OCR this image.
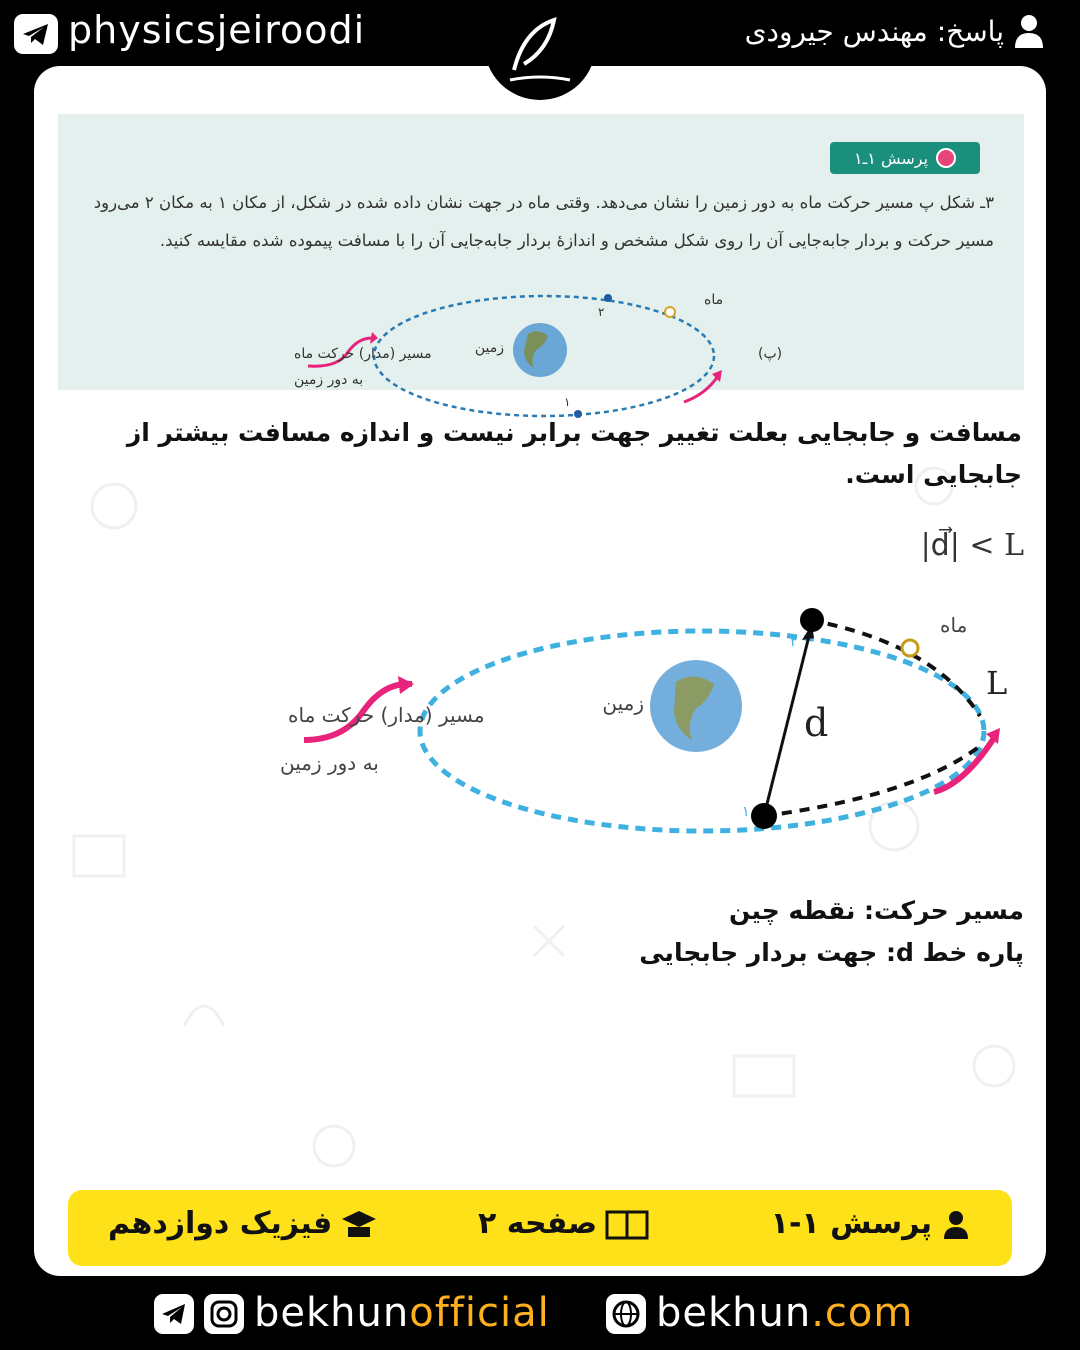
physicsjeiroodi	پاسخ: مهندس جیرودی
پرسش ۱ـ۱
۳ـ شکل پ مسیر حرکت ماه به دور زمین را نشان می‌دهد. وقتی ماه در جهت نشان داده شده در شکل، از مکان ۱ به مکان ۲ می‌رود مسیر حرکت و بردار جابه‌جایی آن را روی شکل مشخص و اندازهٔ بردار جابه‌جایی آن را با مسافت پیموده شده مقایسه کنید.
مسیر (مدار) حرکت ماه
به دور زمین
زمین
ماه
(پ)
۲
۱
مسافت و جابجایی بعلت تغییر جهت برابر نیست و اندازه مسافت بیشتر از جابجایی است.
|d⃗| < L
مسیر (مدار) حرکت ماه
به دور زمین
زمین
ماه
d
L
۲
۱
مسیر حرکت: نقطه چین
پاره خط d: جهت بردار جابجایی
پرسش ۱-۱
صفحه ۲
فیزیک دوازدهم
bekhunofficial	bekhun.com
